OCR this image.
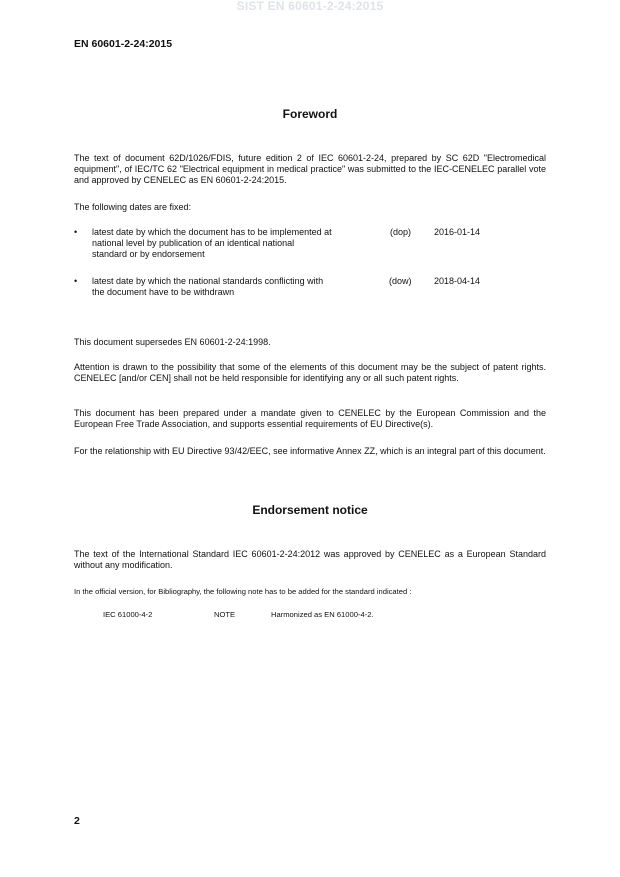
SIST EN 60601-2-24:2015
EN 60601-2-24:2015
Foreword
The text of document 62D/1026/FDIS, future edition 2 of IEC 60601-2-24, prepared by SC 62D "Electromedical equipment", of IEC/TC 62 "Electrical equipment in medical practice" was submitted to the IEC-CENELEC parallel vote and approved by CENELEC as EN 60601-2-24:2015.
The following dates are fixed:
• latest date by which the document has to be implemented at
national level by publication of an identical national
standard or by endorsement
(dop)	2016-01-14
• latest date by which the national standards conflicting with
the document have to be withdrawn
(dow) 2018-04-14
This document supersedes EN 60601-2-24:1998.
Attention is drawn to the possibility that some of the elements of this document may be the subject of patent rights. CENELEC [and/or CEN] shall not be held responsible for identifying any or all such patent rights.
This document has been prepared under a mandate given to CENELEC by the European Commission and the European Free Trade Association, and supports essential requirements of EU Directive(s).
For the relationship with EU Directive 93/42/EEC, see informative Annex ZZ, which is an integral part of this document.
Endorsement notice
The text of the International Standard IEC 60601-2-24:2012 was approved by CENELEC as a European Standard without any modification.
In the official version, for Bibliography, the following note has to be added for the standard indicated :
IEC 61000-4-2	NOTE	Harmonized as EN 61000-4-2.
2
